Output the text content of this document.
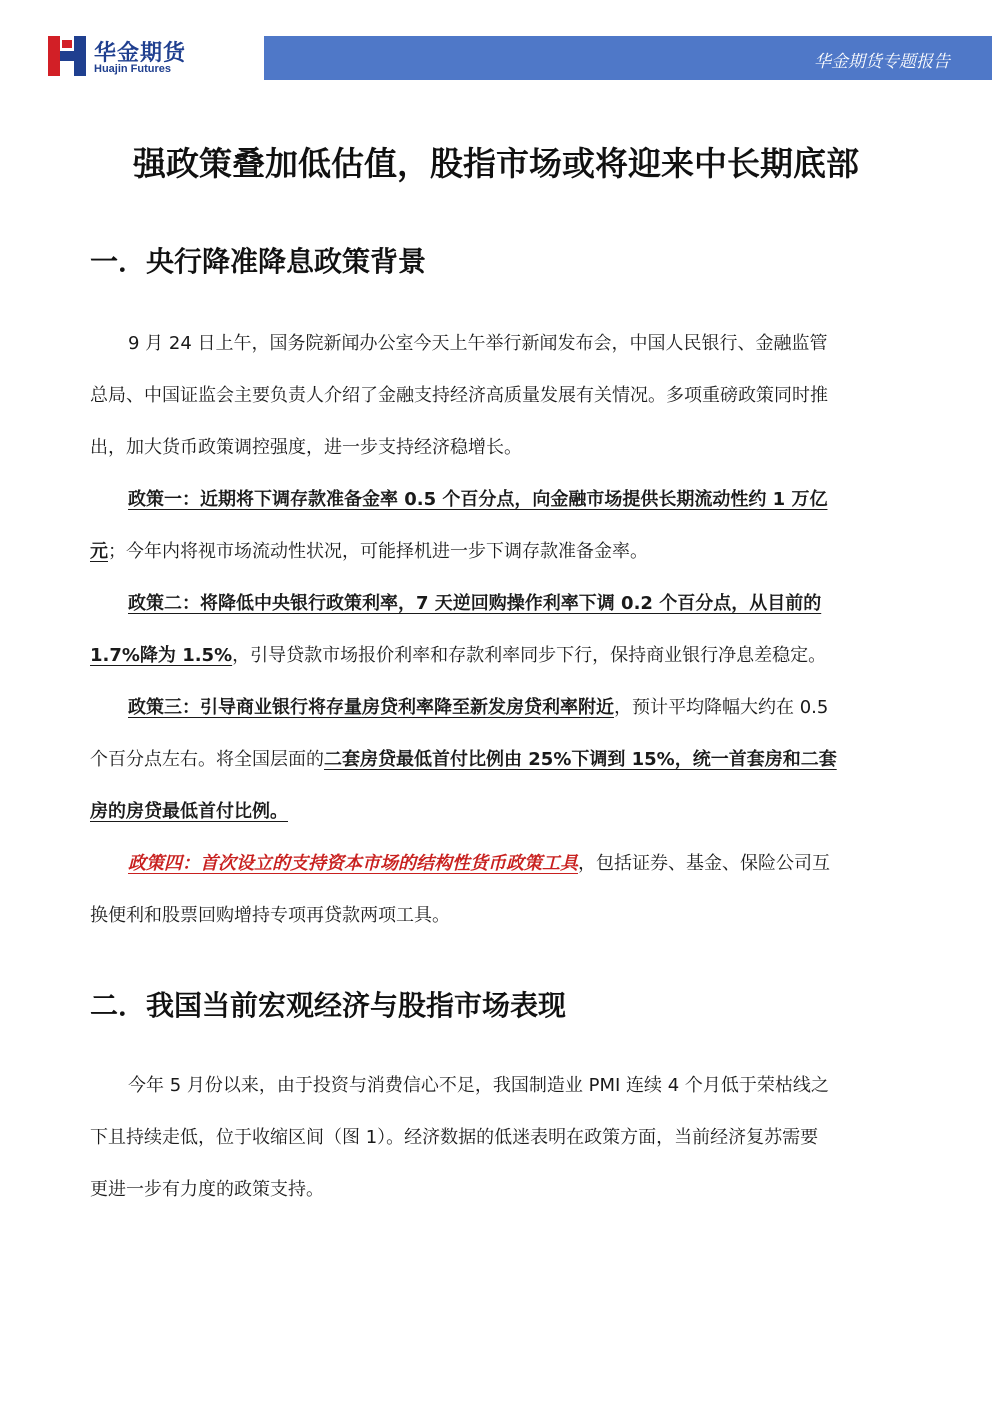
华金期货
Huajin Futures	华金期货专题报告
强政策叠加低估值，股指市场或将迎来中长期底部
一．央行降准降息政策背景
9 月 24 日上午，国务院新闻办公室今天上午举行新闻发布会，中国人民银行、金融监管
总局、中国证监会主要负责人介绍了金融支持经济高质量发展有关情况。多项重磅政策同时推
出，加大货币政策调控强度，进一步支持经济稳增长。
政策一：近期将下调存款准备金率 0.5 个百分点，向金融市场提供长期流动性约 1 万亿
元；今年内将视市场流动性状况，可能择机进一步下调存款准备金率。
政策二：将降低中央银行政策利率，7 天逆回购操作利率下调 0.2 个百分点，从目前的
1.7%降为 1.5%，引导贷款市场报价利率和存款利率同步下行，保持商业银行净息差稳定。
政策三：引导商业银行将存量房贷利率降至新发房贷利率附近，预计平均降幅大约在 0.5
个百分点左右。将全国层面的二套房贷最低首付比例由 25%下调到 15%，统一首套房和二套
房的房贷最低首付比例。
政策四：首次设立的支持资本市场的结构性货币政策工具，包括证券、基金、保险公司互
换便利和股票回购增持专项再贷款两项工具。
二．我国当前宏观经济与股指市场表现
今年 5 月份以来，由于投资与消费信心不足，我国制造业 PMI 连续 4 个月低于荣枯线之
下且持续走低，位于收缩区间（图 1）。经济数据的低迷表明在政策方面，当前经济复苏需要
更进一步有力度的政策支持。
